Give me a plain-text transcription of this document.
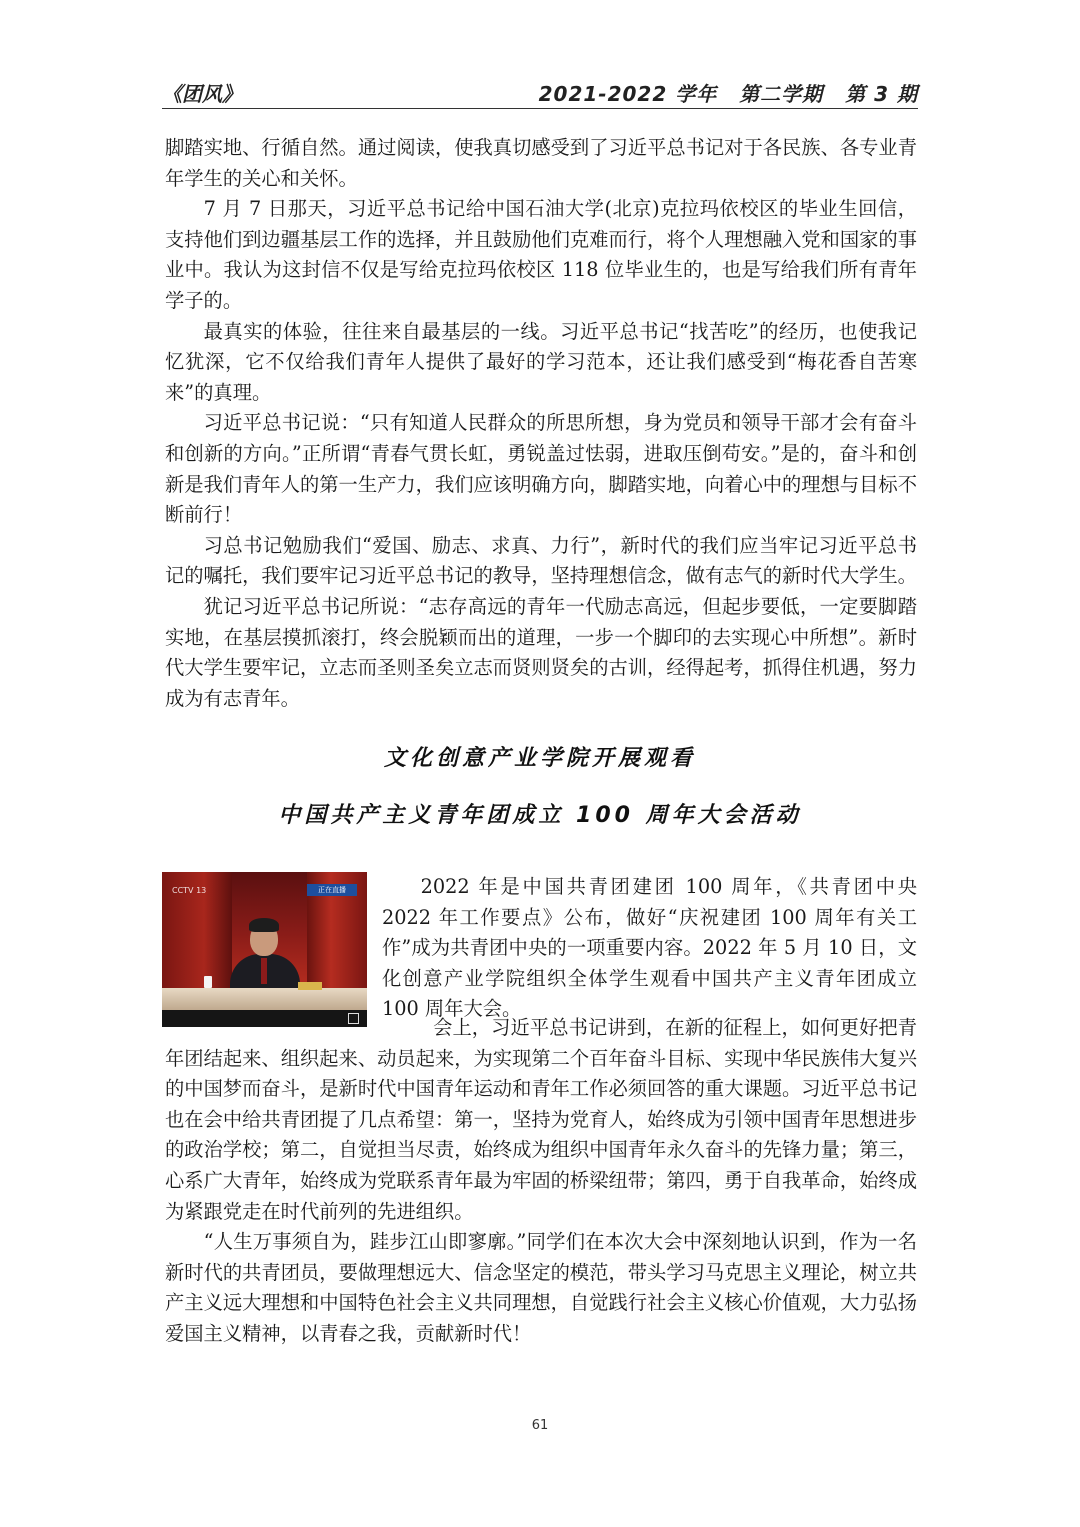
《团风》	2021-2022 学年 第二学期 第 3 期

脚踏实地、行循自然。通过阅读，使我真切感受到了习近平总书记对于各民族、各专业青年学生的关心和关怀。

7 月 7 日那天，习近平总书记给中国石油大学(北京)克拉玛依校区的毕业生回信，支持他们到边疆基层工作的选择，并且鼓励他们克难而行，将个人理想融入党和国家的事业中。我认为这封信不仅是写给克拉玛依校区 118 位毕业生的，也是写给我们所有青年学子的。

最真实的体验，往往来自最基层的一线。习近平总书记“找苦吃”的经历，也使我记忆犹深，它不仅给我们青年人提供了最好的学习范本，还让我们感受到“梅花香自苦寒来”的真理。

习近平总书记说：“只有知道人民群众的所思所想，身为党员和领导干部才会有奋斗和创新的方向。”正所谓“青春气贯长虹，勇锐盖过怯弱，进取压倒苟安。”是的，奋斗和创新是我们青年人的第一生产力，我们应该明确方向，脚踏实地，向着心中的理想与目标不断前行！

习总书记勉励我们“爱国、励志、求真、力行”，新时代的我们应当牢记习近平总书记的嘱托，我们要牢记习近平总书记的教导，坚持理想信念，做有志气的新时代大学生。

犹记习近平总书记所说：“志存高远的青年一代励志高远，但起步要低，一定要脚踏实地，在基层摸抓滚打，终会脱颖而出的道理，一步一个脚印的去实现心中所想”。新时代大学生要牢记，立志而圣则圣矣立志而贤则贤矣的古训，经得起考，抓得住机遇，努力成为有志青年。

文化创意产业学院开展观看
中国共产主义青年团成立 100 周年大会活动
CCTV 13	正在直播	2022 年是中国共青团建团 100 周年，《共青团中央 2022 年工作要点》公布，做好“庆祝建团 100 周年有关工作”成为共青团中央的一项重要内容。2022 年 5 月 10 日，文化创意产业学院组织全体学生观看中国共产主义青年团成立 100 周年大会。

会上，习近平总书记讲到，在新的征程上，如何更好把青年团结起来、组织起来、动员起来，为实现第二个百年奋斗目标、实现中华民族伟大复兴的中国梦而奋斗，是新时代中国青年运动和青年工作必须回答的重大课题。习近平总书记也在会中给共青团提了几点希望：第一，坚持为党育人，始终成为引领中国青年思想进步的政治学校；第二，自觉担当尽责，始终成为组织中国青年永久奋斗的先锋力量；第三，心系广大青年，始终成为党联系青年最为牢固的桥梁纽带；第四，勇于自我革命，始终成为紧跟党走在时代前列的先进组织。

“人生万事须自为，跬步江山即寥廓。”同学们在本次大会中深刻地认识到，作为一名新时代的共青团员，要做理想远大、信念坚定的模范，带头学习马克思主义理论，树立共产主义远大理想和中国特色社会主义共同理想，自觉践行社会主义核心价值观，大力弘扬爱国主义精神，以青春之我，贡献新时代！

61
